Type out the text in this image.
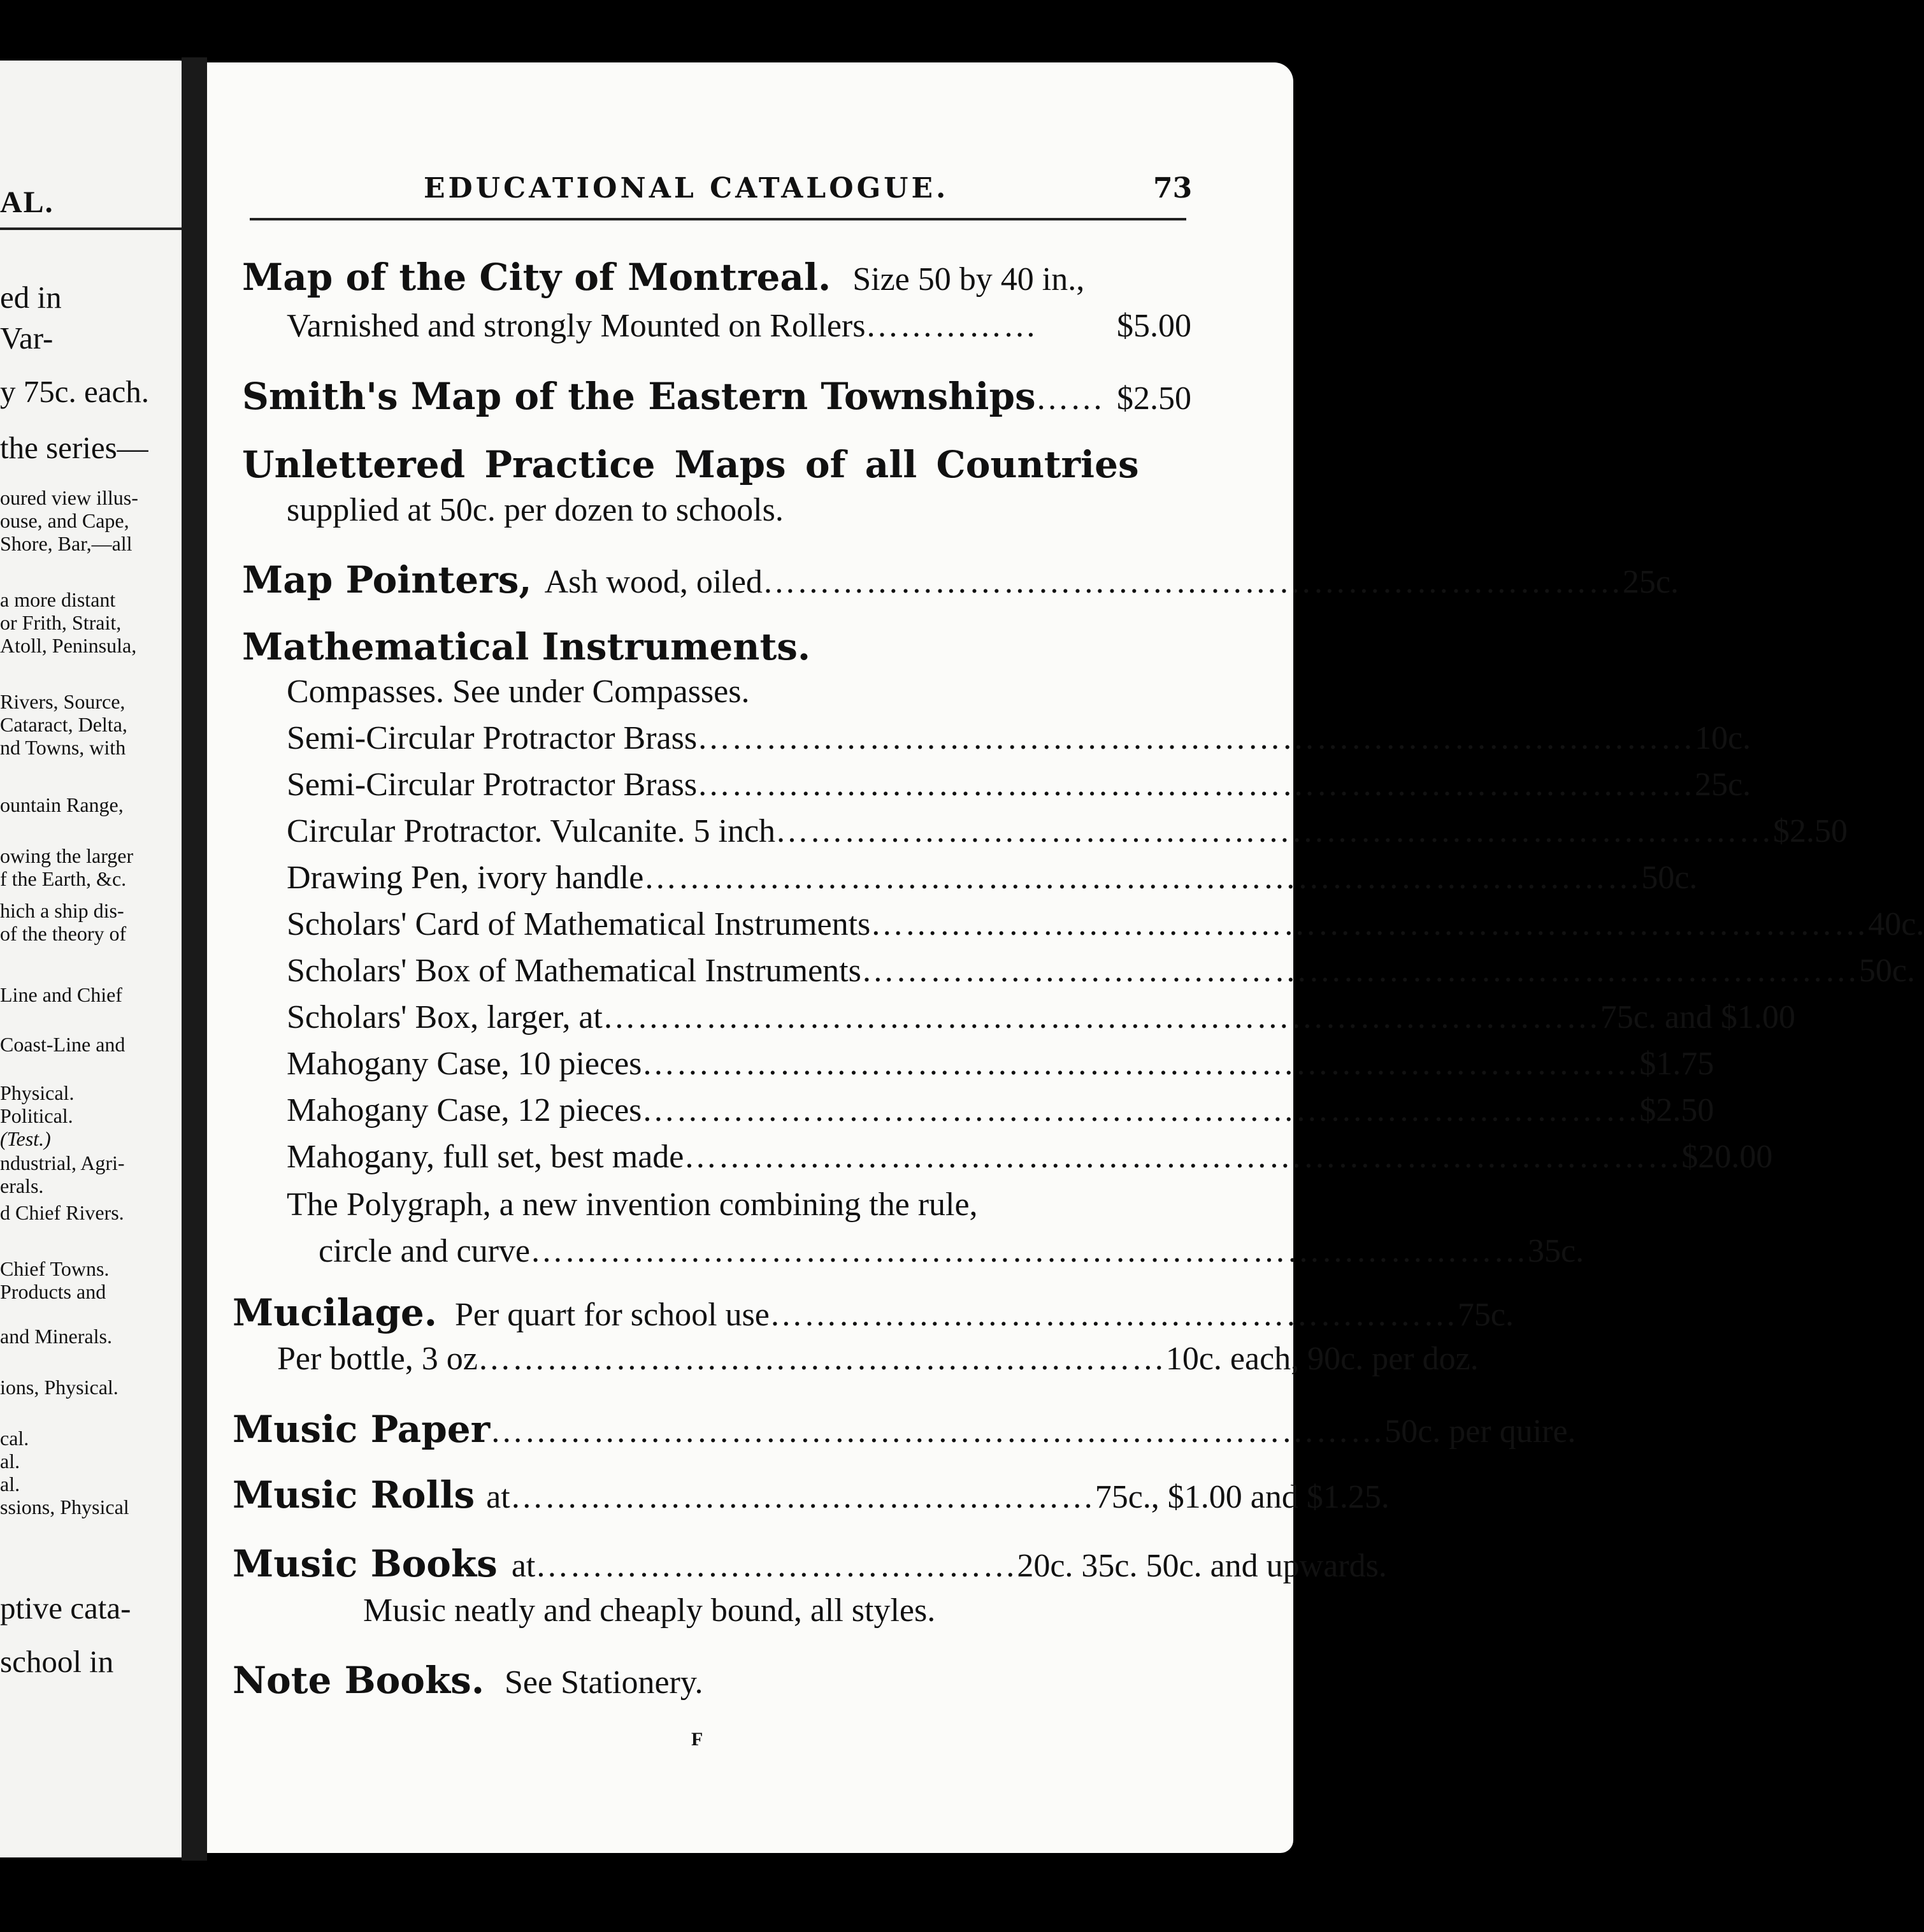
AL.
ed in
Var-
y 75c. each.
the series—
oured view illus-
ouse, and Cape,
Shore, Bar,—all
a more distant
or Frith, Strait,
Atoll, Peninsula,
Rivers, Source,
Cataract, Delta,
nd Towns, with
ountain Range,
owing the larger
f the Earth, &c.
hich a ship dis-
of the theory of
Line and Chief
Coast-Line and
Physical.
Political.
(Test.)
ndustrial, Agri-
erals.
d Chief Rivers.
Chief Towns.
Products and
and Minerals.
ions, Physical.
cal.
al.
al.
ssions, Physical
ptive cata-
school in
EDUCATIONAL CATALOGUE.	73
Map of the City of Montreal. Size 50 by 40 in.,
Varnished and strongly Mounted on Rollers ……………	$5.00
Smith's Map of the Eastern Townships …… $2.50
Unlettered Practice Maps of all Countries
supplied at 50c. per dozen to schools.
Map Pointers, Ash wood, oiled ………………………………………………………………… 25c.
Mathematical Instruments.
Compasses. See under Compasses.
Semi-Circular Protractor Brass …………………………………………………………………………… 10c.
Semi-Circular Protractor Brass …………………………………………………………………………… 25c.
Circular Protractor. Vulcanite. 5 inch …………………………………………………………………………… $2.50
Drawing Pen, ivory handle …………………………………………………………………………… 50c.
Scholars' Card of Mathematical Instruments …………………………………………………………………………… 40c.
Scholars' Box of Mathematical Instruments …………………………………………………………………………… 50c.
Scholars' Box, larger, at …………………………………………………………………………… 75c. and $1.00
Mahogany Case, 10 pieces …………………………………………………………………………… $1.75
Mahogany Case, 12 pieces …………………………………………………………………………… $2.50
Mahogany, full set, best made …………………………………………………………………………… $20.00
The Polygraph, a new invention combining the rule,
circle and curve …………………………………………………………………………… 35c.
Mucilage. Per quart for school use …………………………………………………… 75c.
Per bottle, 3 oz …………………………………………………… 10c. each, 90c. per doz.
Music Paper …………………………………………………………………… 50c. per quire.
Music Rolls at …………………………………………… 75c., $1.00 and $1.25.
Music Books at …………………………………… 20c. 35c. 50c. and upwards.
Music neatly and cheaply bound, all styles.
Note Books. See Stationery.
F
